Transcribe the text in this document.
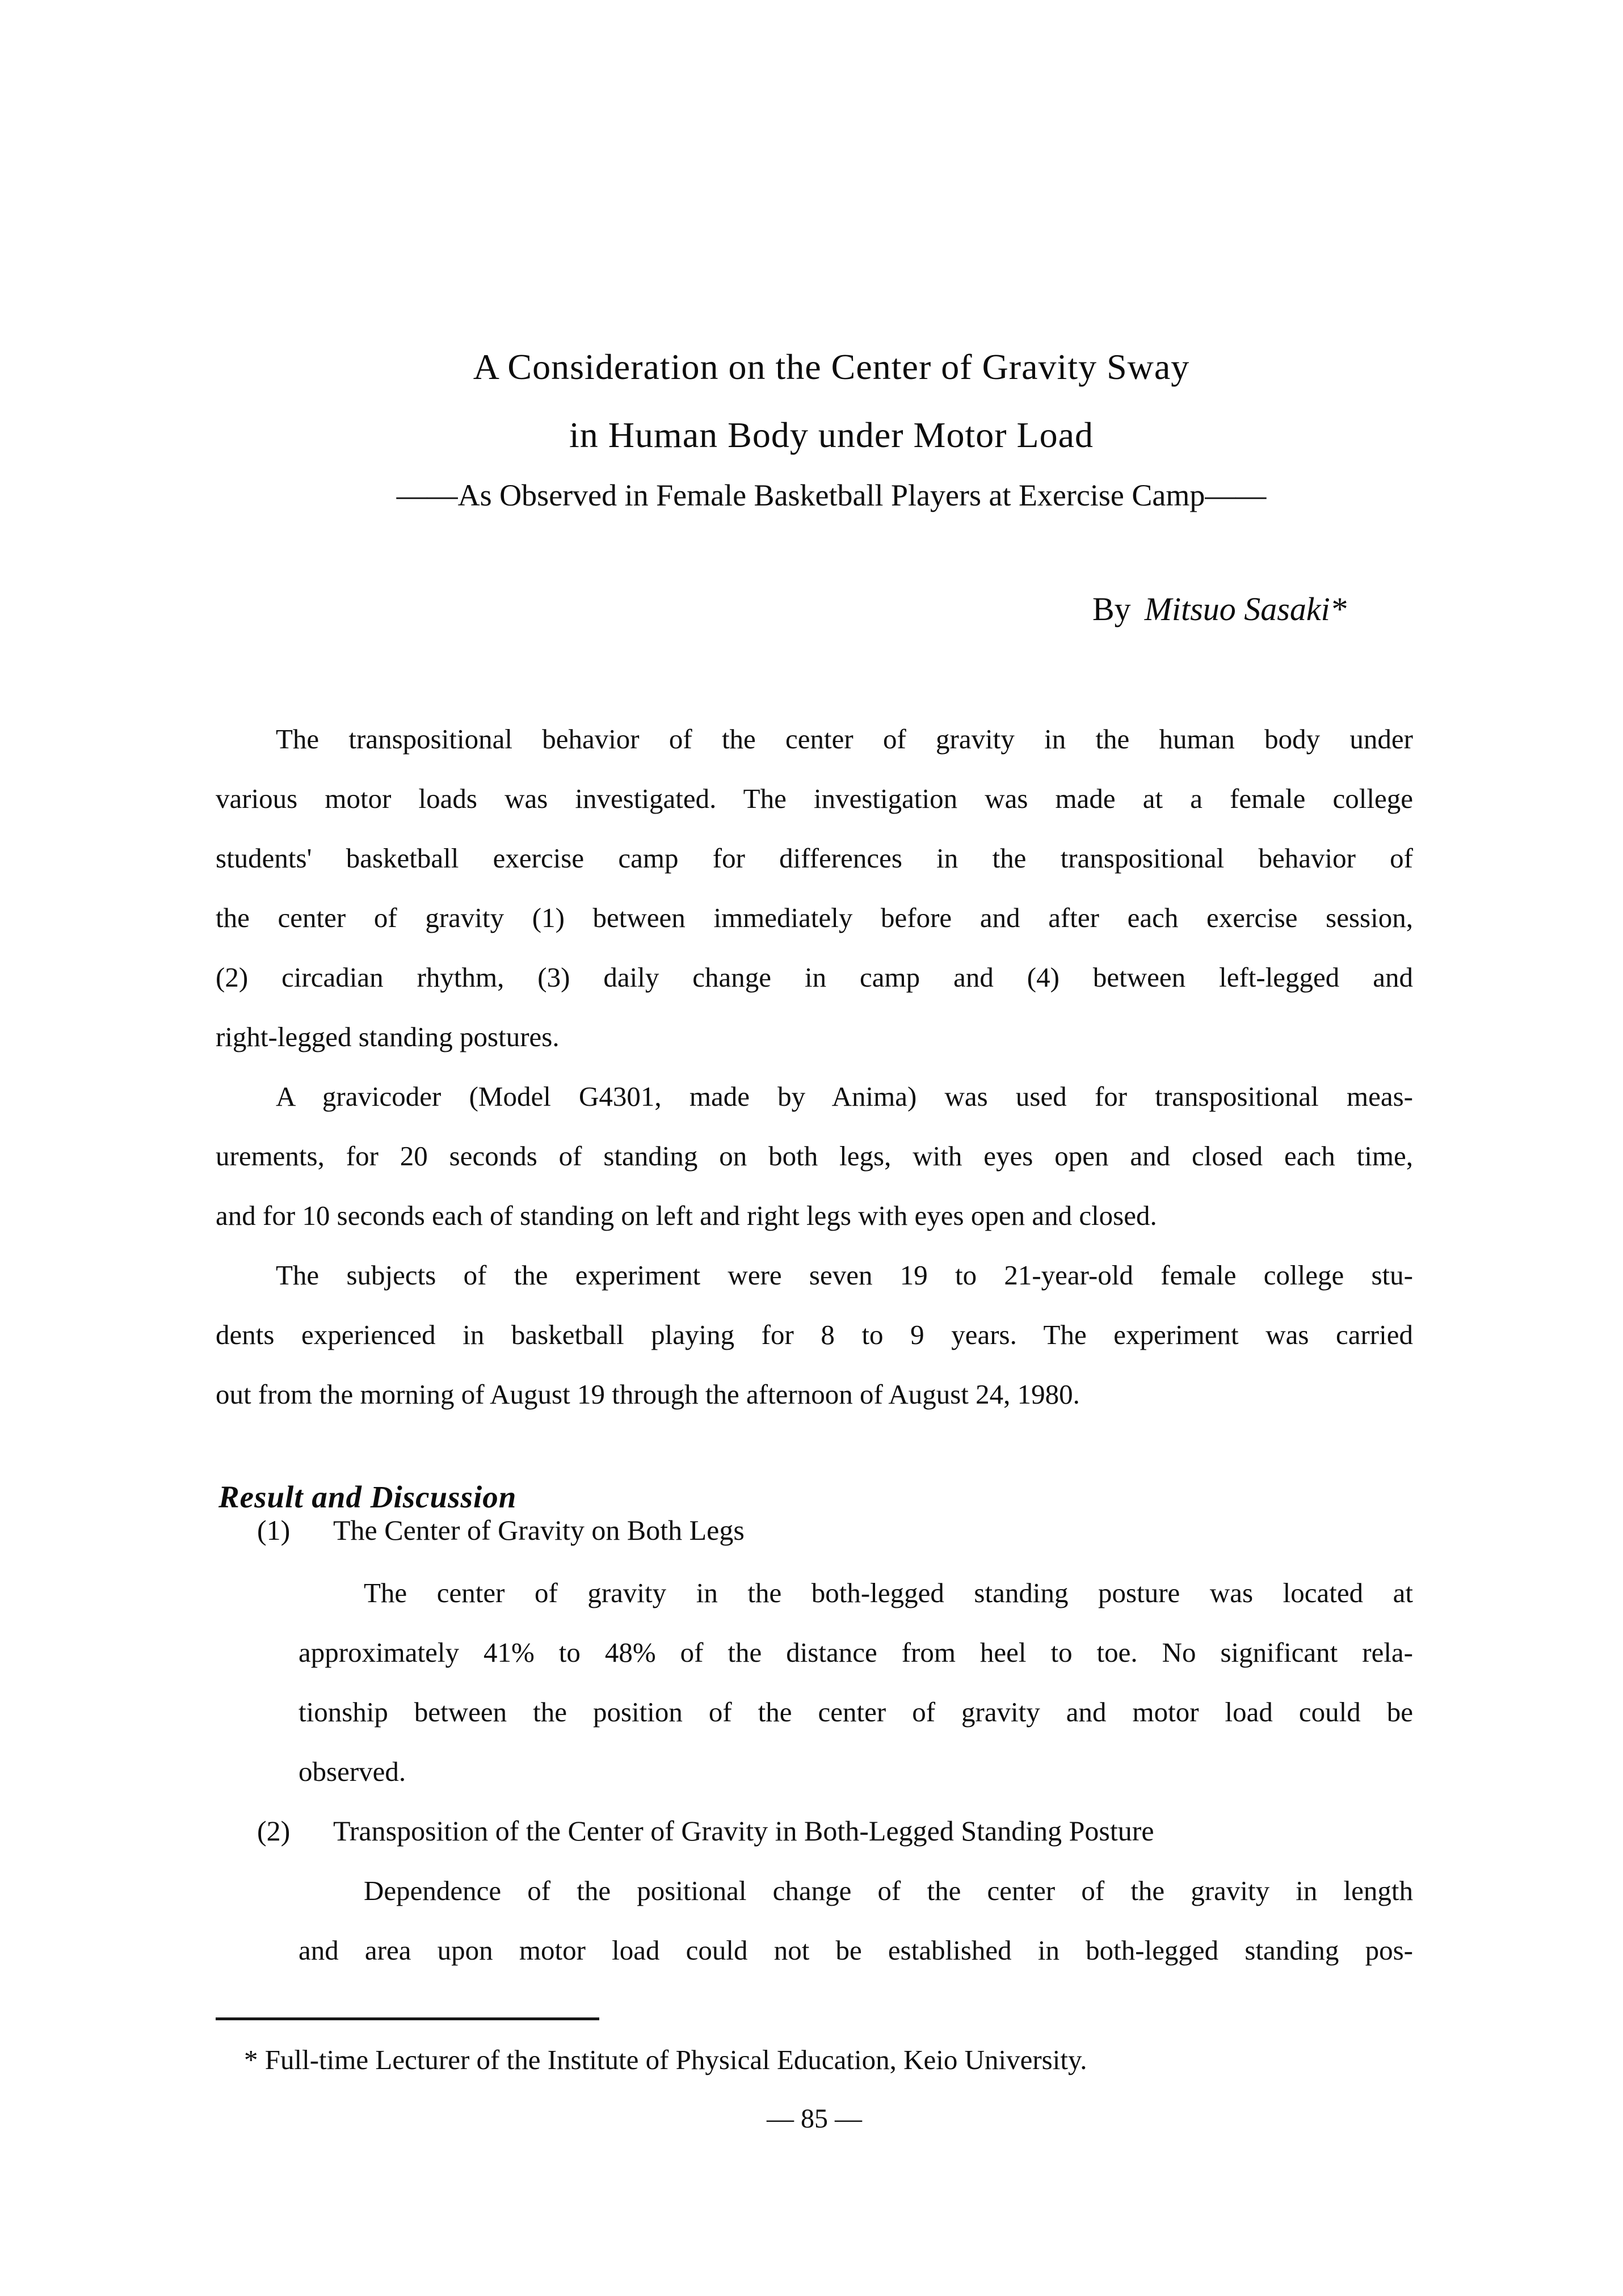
A Consideration on the Center of Gravity Sway
in Human Body under Motor Load
——As Observed in Female Basketball Players at Exercise Camp——
By Mitsuo Sasaki*
The transpositional behavior of the center of gravity in the human body under
various motor loads was investigated. The investigation was made at a female college
students' basketball exercise camp for differences in the transpositional behavior of
the center of gravity (1) between immediately before and after each exercise session,
(2) circadian rhythm, (3) daily change in camp and (4) between left-legged and
right-legged standing postures.
A gravicoder (Model G4301, made by Anima) was used for transpositional meas-
urements, for 20 seconds of standing on both legs, with eyes open and closed each time,
and for 10 seconds each of standing on left and right legs with eyes open and closed.
The subjects of the experiment were seven 19 to 21-year-old female college stu-
dents experienced in basketball playing for 8 to 9 years. The experiment was carried
out from the morning of August 19 through the afternoon of August 24, 1980.
Result and Discussion
(1) The Center of Gravity on Both Legs
The center of gravity in the both-legged standing posture was located at
approximately 41% to 48% of the distance from heel to toe. No significant rela-
tionship between the position of the center of gravity and motor load could be
observed.
(2) Transposition of the Center of Gravity in Both-Legged Standing Posture
Dependence of the positional change of the center of the gravity in length
and area upon motor load could not be established in both-legged standing pos-
* Full-time Lecturer of the Institute of Physical Education, Keio University.
— 85 —
